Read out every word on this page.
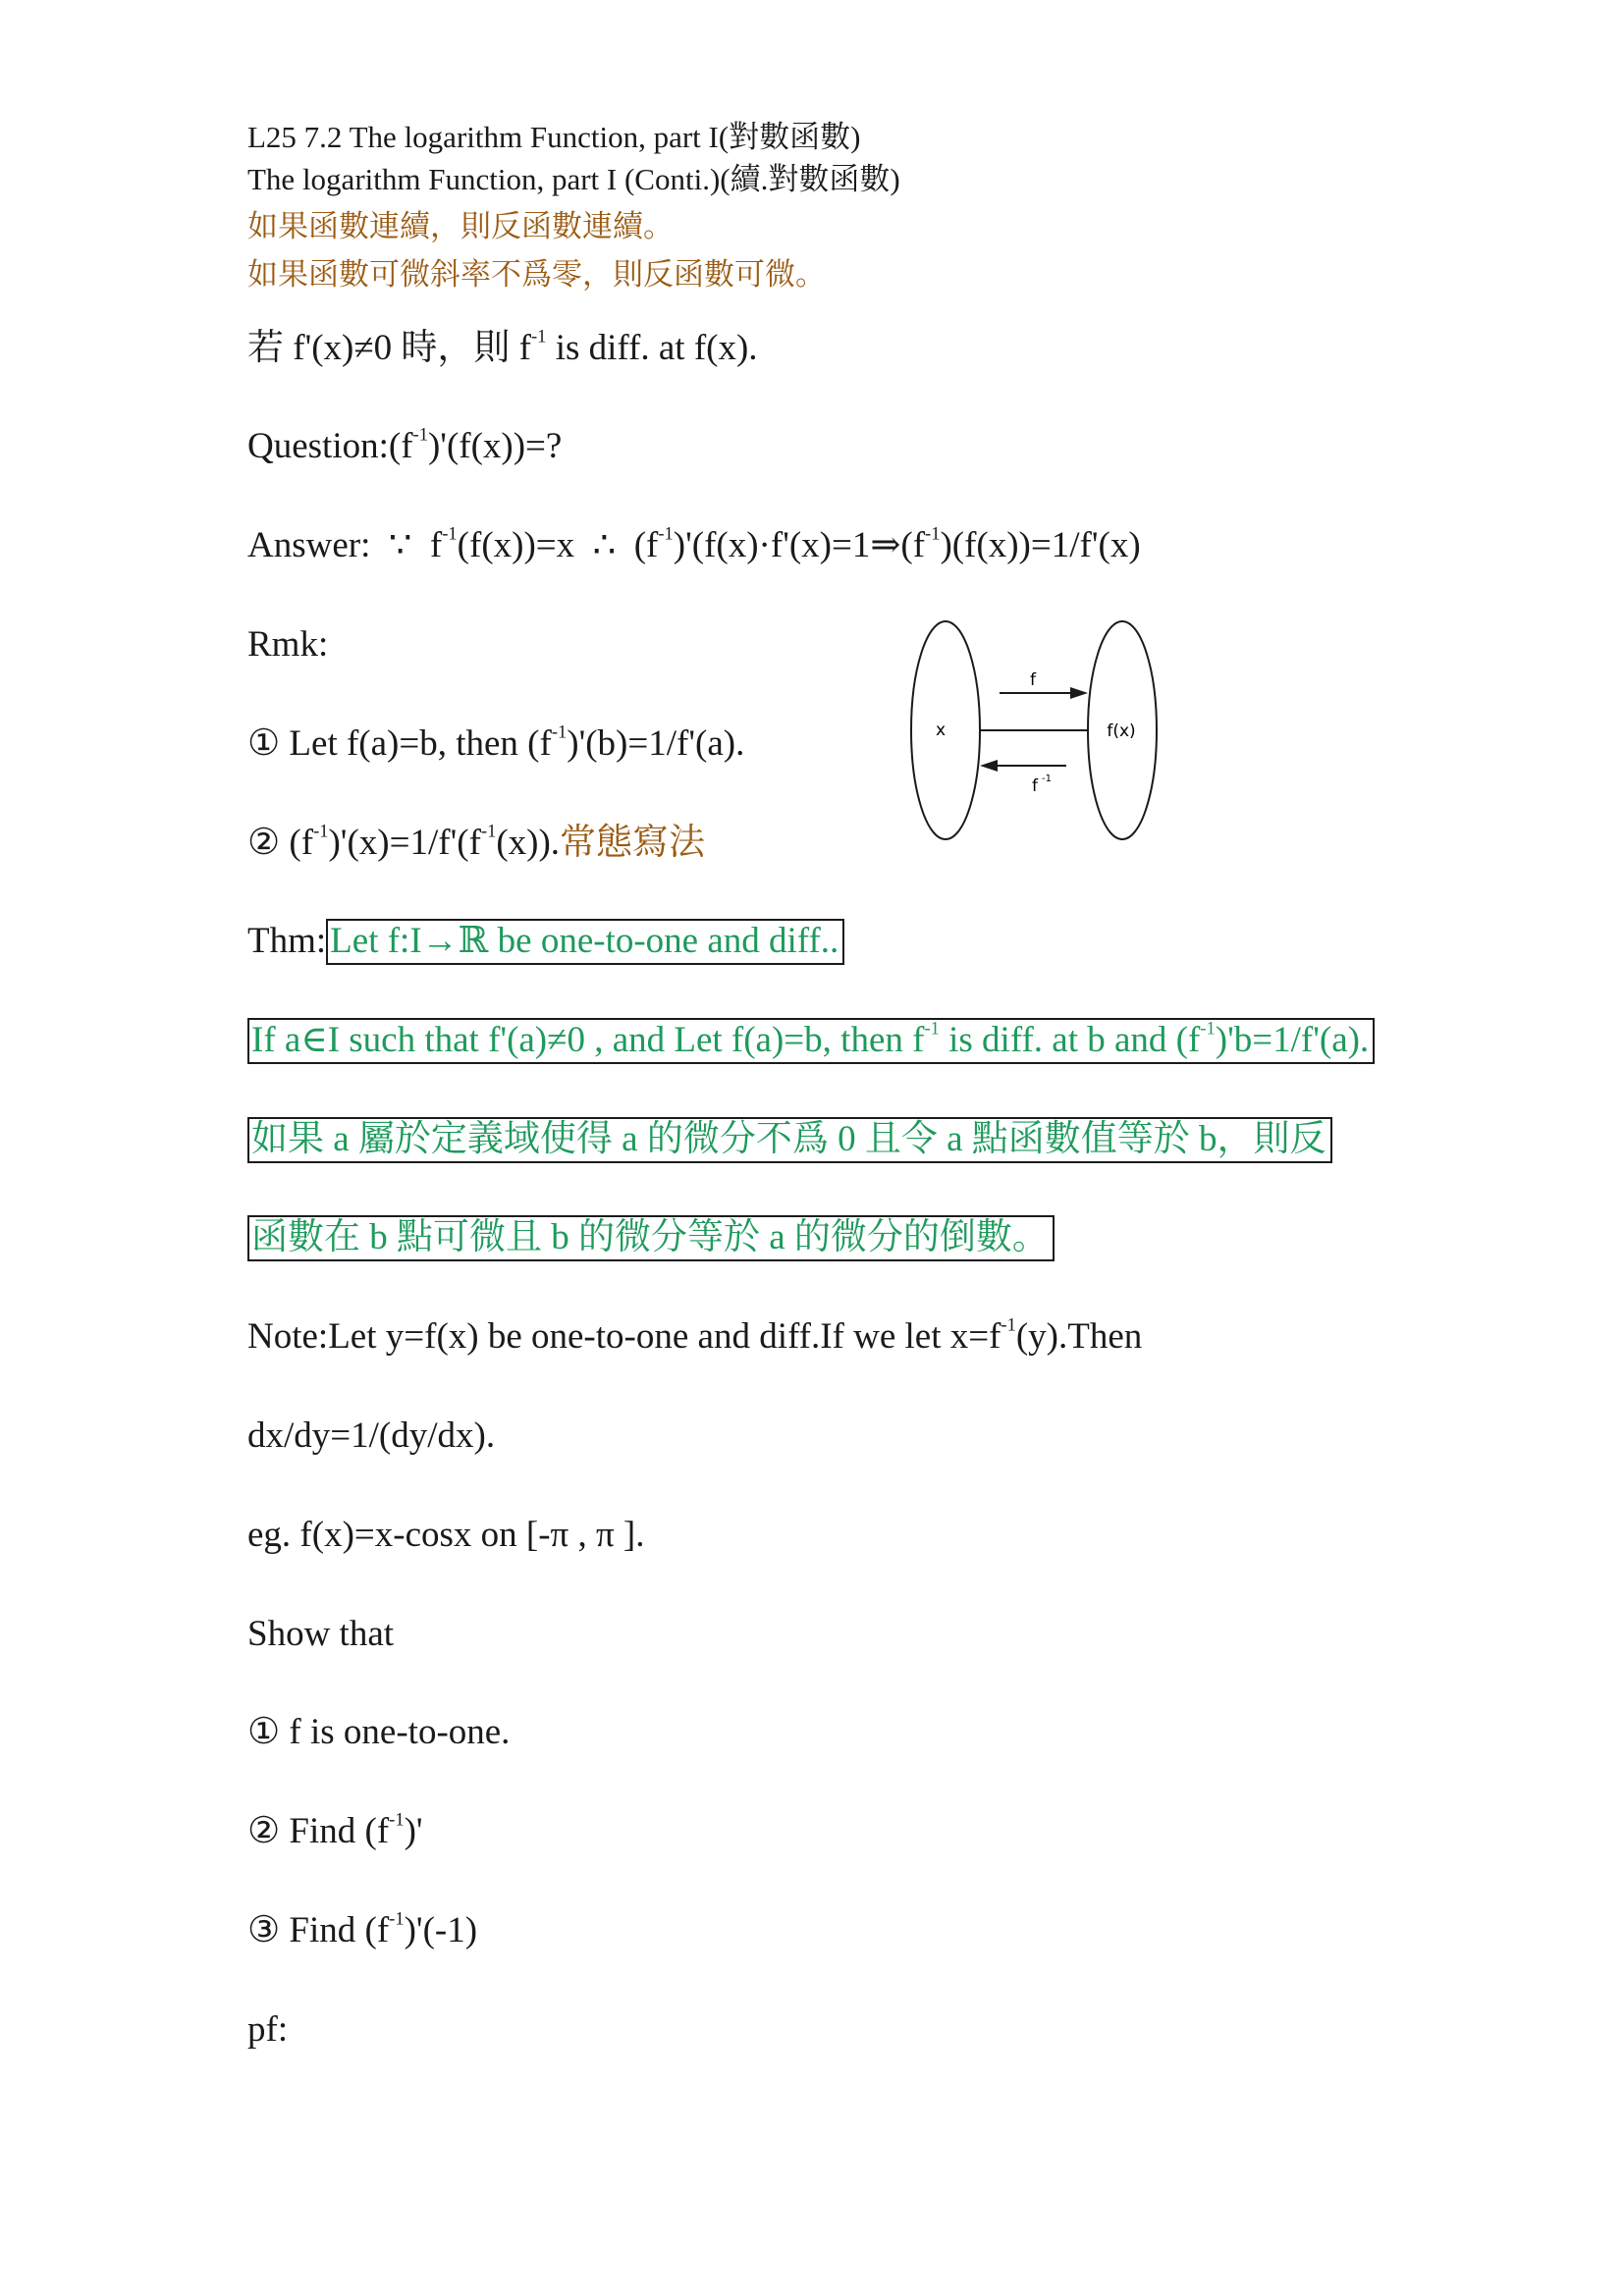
L25 7.2 The logarithm Function, part I(對數函數)
The logarithm Function, part I (Conti.)(續.對數函數)
如果函數連續，則反函數連續。
如果函數可微斜率不爲零，則反函數可微。
若 f'(x)≠0 時，則 $f^{-1}$ is diff. at f(x).
$Question:(f^{-1})'(f(x))=$?
Answer: ∵ $f^{-1}(f(x))=x$ ∴ $(f^{-1})'(f(x)\cdot f'(x)=1\Rightarrow(f^{-1})(f(x))=1/f'(x)$
Rmk:
① Let f(a)=b, then $(f^{-1})'(b)=1/f'(a)$.
② $(f^{-1})'(x)=1/f'(f^{-1}(x))$.常態寫法
x	f(x)
f
f -1
Thm: Let f:I→ℝ be one-to-one and diff..
If a∈I such that f'(a)≠0 , and Let f(a)=b, then $f^{-1}$ is diff. at b and $(f^{-1})'b=1/f'(a)$.
如果 a 屬於定義域使得 a 的微分不爲 0 且令 a 點函數值等於 b，則反
函數在 b 點可微且 b 的微分等於 a 的微分的倒數。
Note:Let y=f(x) be one-to-one and diff.If we let $x=f^{-1}(y).Then$
dx/dy=1/(dy/dx).
eg. f(x)=x-cosx on [-π , π ].
Show that
① f is one-to-one.
② Find $(f^{-1})'$
③ Find $(f^{-1})'(-1)$
pf:
